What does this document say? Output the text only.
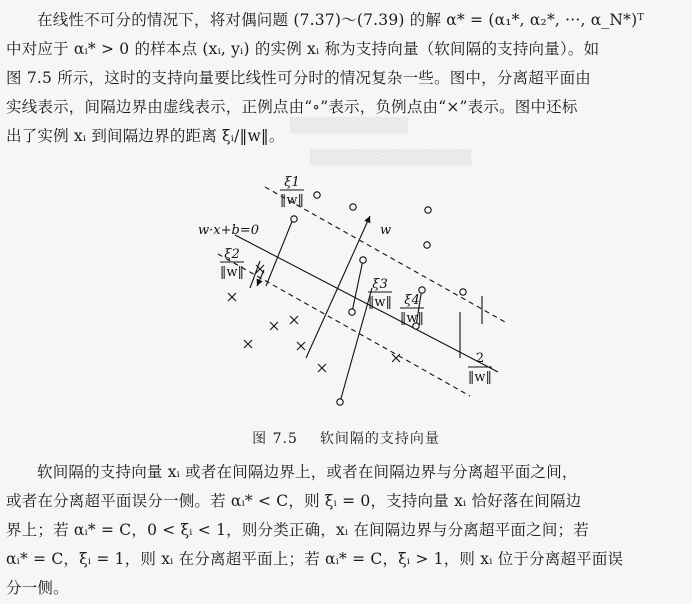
▒▒▒▒▒▒▒▒▒▒▒
▒▒▒▒▒▒▒▒▒▒▒▒▒▒▒
在线性不可分的情况下，将对偶问题 (7.37)～(7.39) 的解 α* = (α₁*, α₂*, ···, α_N*)ᵀ
中对应于 αᵢ* > 0 的样本点 (xᵢ, yᵢ) 的实例 xᵢ 称为支持向量（软间隔的支持向量）。如
图 7.5 所示，这时的支持向量要比线性可分时的情况复杂一些。图中，分离超平面由
实线表示，间隔边界由虚线表示，正例点由“∘”表示，负例点由“×”表示。图中还标
出了实例 xᵢ 到间隔边界的距离 ξᵢ/‖w‖。
w·x+b=0	w
ξ1
‖w‖
ξ2
‖w‖
ξ3
‖w‖ ξ4
‖w‖
2
‖w‖
图 7.5 软间隔的支持向量
软间隔的支持向量 xᵢ 或者在间隔边界上，或者在间隔边界与分离超平面之间，
或者在分离超平面误分一侧。若 αᵢ* < C，则 ξᵢ = 0，支持向量 xᵢ 恰好落在间隔边
界上；若 αᵢ* = C，0 < ξᵢ < 1，则分类正确，xᵢ 在间隔边界与分离超平面之间；若
αᵢ* = C，ξᵢ = 1，则 xᵢ 在分离超平面上；若 αᵢ* = C，ξᵢ > 1，则 xᵢ 位于分离超平面误
分一侧。
